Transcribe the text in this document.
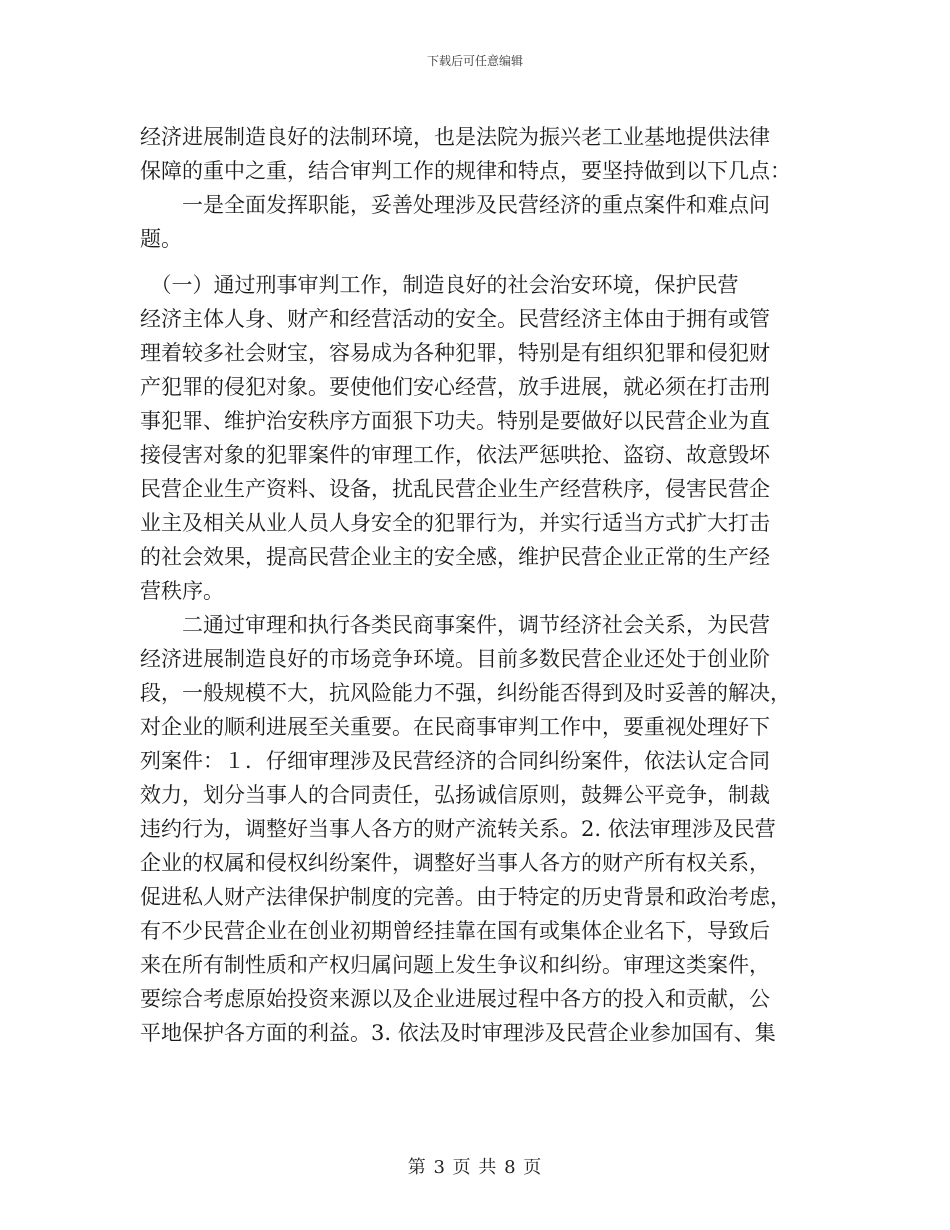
下载后可任意编辑
经济进展制造良好的法制环境，也是法院为振兴老工业基地提供法律
保障的重中之重，结合审判工作的规律和特点，要坚持做到以下几点：
　　一是全面发挥职能，妥善处理涉及民营经济的重点案件和难点问
题。
　（一）通过刑事审判工作，制造良好的社会治安环境，保护民营
经济主体人身、财产和经营活动的安全。民营经济主体由于拥有或管
理着较多社会财宝，容易成为各种犯罪，特别是有组织犯罪和侵犯财
产犯罪的侵犯对象。要使他们安心经营，放手进展，就必须在打击刑
事犯罪、维护治安秩序方面狠下功夫。特别是要做好以民营企业为直
接侵害对象的犯罪案件的审理工作，依法严惩哄抢、盗窃、故意毁坏
民营企业生产资料、设备，扰乱民营企业生产经营秩序，侵害民营企
业主及相关从业人员人身安全的犯罪行为，并实行适当方式扩大打击
的社会效果，提高民营企业主的安全感，维护民营企业正常的生产经
营秩序。
　　二通过审理和执行各类民商事案件，调节经济社会关系，为民营
经济进展制造良好的市场竞争环境。目前多数民营企业还处于创业阶
段，一般规模不大，抗风险能力不强，纠纷能否得到及时妥善的解决，
对企业的顺利进展至关重要。在民商事审判工作中，要重视处理好下
列案件：１．仔细审理涉及民营经济的合同纠纷案件，依法认定合同
效力，划分当事人的合同责任，弘扬诚信原则，鼓舞公平竞争，制裁
违约行为，调整好当事人各方的财产流转关系。2. 依法审理涉及民营
企业的权属和侵权纠纷案件，调整好当事人各方的财产所有权关系，
促进私人财产法律保护制度的完善。由于特定的历史背景和政治考虑，
有不少民营企业在创业初期曾经挂靠在国有或集体企业名下，导致后
来在所有制性质和产权归属问题上发生争议和纠纷。审理这类案件，
要综合考虑原始投资来源以及企业进展过程中各方的投入和贡献，公
平地保护各方面的利益。3. 依法及时审理涉及民营企业参加国有、集
第 3 页 共 8 页
